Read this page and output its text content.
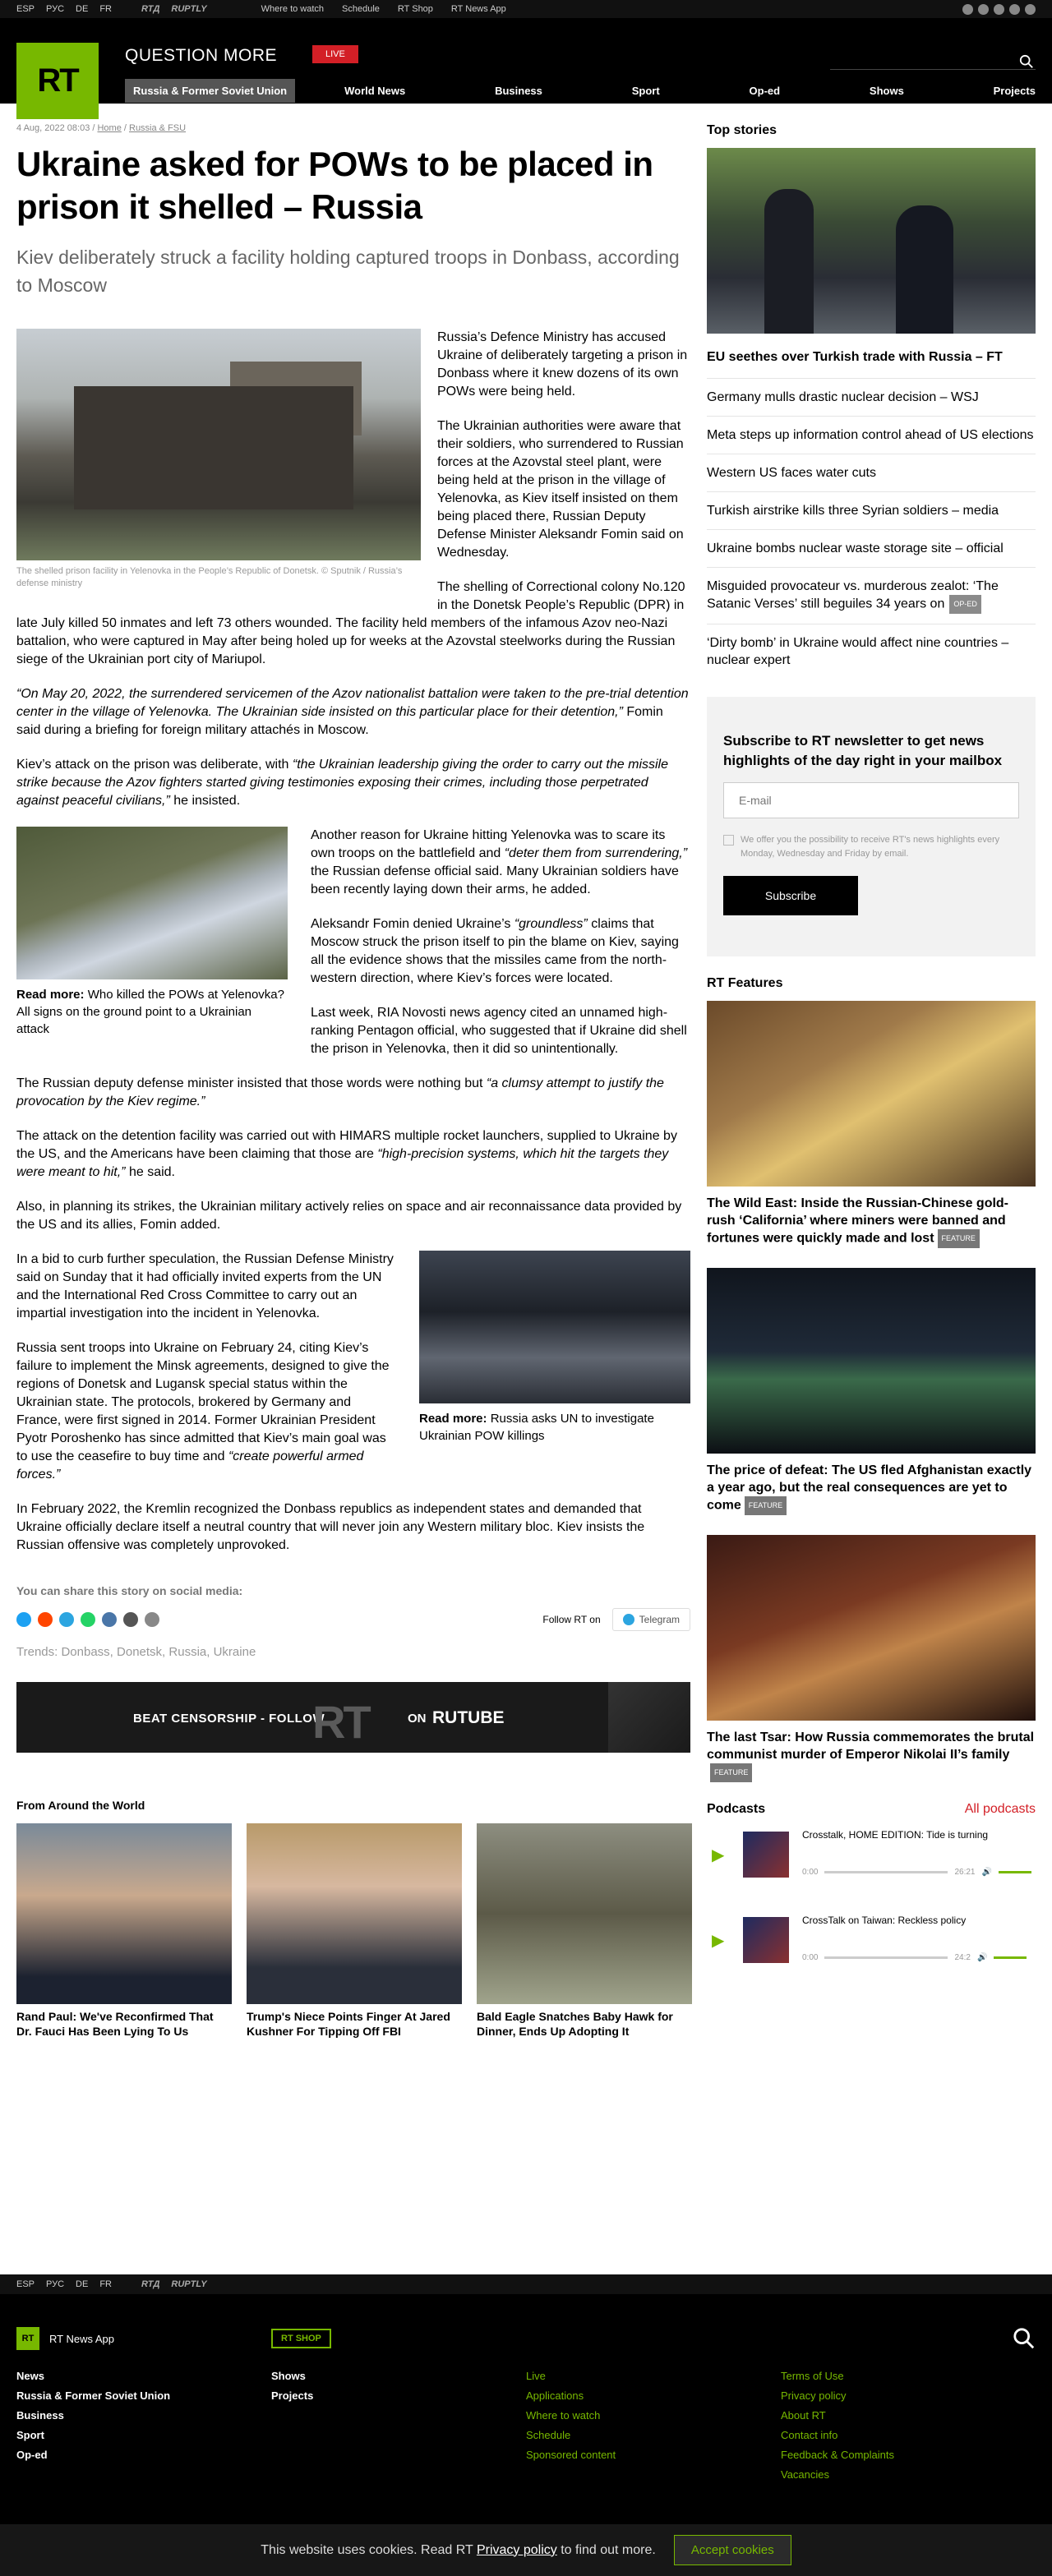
ESP РУС DE FR	RTД RUPTLY	Where to watch Schedule RT Shop RT News App
RT
QUESTION MORE	LIVE
Russia & Former Soviet Union	World News	Business	Sport	Op-ed	Shows	Projects
4 Aug, 2022 08:03 / Home / Russia & FSU
Ukraine asked for POWs to be placed in prison it shelled – Russia
Kiev deliberately struck a facility holding captured troops in Donbass, according to Moscow
The shelled prison facility in Yelenovka in the People’s Republic of Donetsk. © Sputnik / Russia’s defense ministry

Russia’s Defence Ministry has accused Ukraine of deliberately targeting a prison in Donbass where it knew dozens of its own POWs were being held.

The Ukrainian authorities were aware that their soldiers, who surrendered to Russian forces at the Azovstal steel plant, were being held at the prison in the village of Yelenovka, as Kiev itself insisted on them being placed there, Russian Deputy Defense Minister Aleksandr Fomin said on Wednesday.

The shelling of Correctional colony No.120 in the Donetsk People’s Republic (DPR) in late July killed 50 inmates and left 73 others wounded. The facility held members of the infamous Azov neo-Nazi battalion, who were captured in May after being holed up for weeks at the Azovstal steelworks during the Russian siege of the Ukrainian port city of Mariupol.

“On May 20, 2022, the surrendered servicemen of the Azov nationalist battalion were taken to the pre-trial detention center in the village of Yelenovka. The Ukrainian side insisted on this particular place for their detention,” Fomin said during a briefing for foreign military attachés in Moscow.

Kiev’s attack on the prison was deliberate, with “the Ukrainian leadership giving the order to carry out the missile strike because the Azov fighters started giving testimonies exposing their crimes, including those perpetrated against peaceful civilians,” he insisted.

Read more: Who killed the POWs at Yelenovka? All signs on the ground point to a Ukrainian attack

Another reason for Ukraine hitting Yelenovka was to scare its own troops on the battlefield and “deter them from surrendering,” the Russian defense official said. Many Ukrainian soldiers have been recently laying down their arms, he added.

Aleksandr Fomin denied Ukraine’s “groundless” claims that Moscow struck the prison itself to pin the blame on Kiev, saying all the evidence shows that the missiles came from the north-western direction, where Kiev’s forces were located.

Last week, RIA Novosti news agency cited an unnamed high-ranking Pentagon official, who suggested that if Ukraine did shell the prison in Yelenovka, then it did so unintentionally.

The Russian deputy defense minister insisted that those words were nothing but “a clumsy attempt to justify the provocation by the Kiev regime.”

The attack on the detention facility was carried out with HIMARS multiple rocket launchers, supplied to Ukraine by the US, and the Americans have been claiming that those are “high-precision systems, which hit the targets they were meant to hit,” he said.

Also, in planning its strikes, the Ukrainian military actively relies on space and air reconnaissance data provided by the US and its allies, Fomin added.

Read more: Russia asks UN to investigate Ukrainian POW killings

In a bid to curb further speculation, the Russian Defense Ministry said on Sunday that it had officially invited experts from the UN and the International Red Cross Committee to carry out an impartial investigation into the incident in Yelenovka.

Russia sent troops into Ukraine on February 24, citing Kiev’s failure to implement the Minsk agreements, designed to give the regions of Donetsk and Lugansk special status within the Ukrainian state. The protocols, brokered by Germany and France, were first signed in 2014. Former Ukrainian President Pyotr Poroshenko has since admitted that Kiev’s main goal was to use the ceasefire to buy time and “create powerful armed forces.”

In February 2022, the Kremlin recognized the Donbass republics as independent states and demanded that Ukraine officially declare itself a neutral country that will never join any Western military bloc. Kiev insists the Russian offensive was completely unprovoked.

You can share this story on social media:
Follow RT on	Telegram
Trends: Donbass, Donetsk, Russia, Ukraine
BEAT CENSORSHIP - FOLLOW
RT	ON RUTUBE
From Around the World
Rand Paul: We've Reconfirmed That Dr. Fauci Has Been Lying To Us
Trump's Niece Points Finger At Jared Kushner For Tipping Off FBI
Bald Eagle Snatches Baby Hawk for Dinner, Ends Up Adopting It
Top stories
EU seethes over Turkish trade with Russia – FT
Germany mulls drastic nuclear decision – WSJ
Meta steps up information control ahead of US elections
Western US faces water cuts
Turkish airstrike kills three Syrian soldiers – media
Ukraine bombs nuclear waste storage site – official
Misguided provocateur vs. murderous zealot: ‘The Satanic Verses’ still beguiles 34 years on OP-ED
‘Dirty bomb’ in Ukraine would affect nine countries – nuclear expert
Subscribe to RT newsletter to get news highlights of the day right in your mailbox
E-mail
We offer you the possibility to receive RT's news highlights every Monday, Wednesday and Friday by email.
Subscribe
RT Features
The Wild East: Inside the Russian-Chinese gold-rush ‘California’ where miners were banned and fortunes were quickly made and lost FEATURE
The price of defeat: The US fled Afghanistan exactly a year ago, but the real consequences are yet to come FEATURE
The last Tsar: How Russia commemorates the brutal communist murder of Emperor Nikolai II’s familyFEATURE
Podcasts	All podcasts
▶
Crosstalk, HOME EDITION: Tide is turning
0:00	26:21 🔊
▶
CrossTalk on Taiwan: Reckless policy
0:00	24:2 🔊
ESP РУС DE FR	RTД RUPTLY
RT	RT News App	RT SHOP
News
Russia & Former Soviet Union
Business
Sport
Op-ed
Shows
Projects
Live
Applications
Where to watch
Schedule
Sponsored content
Terms of Use
Privacy policy
About RT
Contact info
Feedback & Complaints
Vacancies
This website uses cookies. Read RT Privacy policy to find out more.	Accept cookies
